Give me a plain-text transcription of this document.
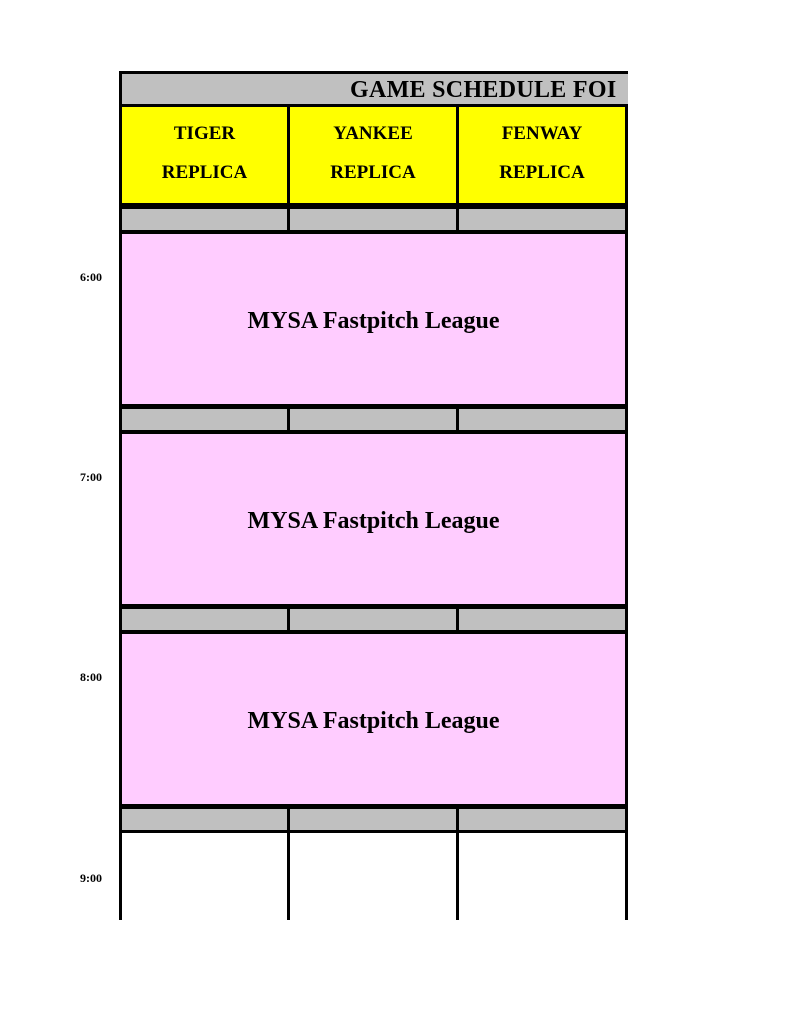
GAME SCHEDULE FOI
TIGER
REPLICA
YANKEE
REPLICA
FENWAY
REPLICA
6:00
MYSA Fastpitch League
7:00
MYSA Fastpitch League
8:00
MYSA Fastpitch League
9:00
